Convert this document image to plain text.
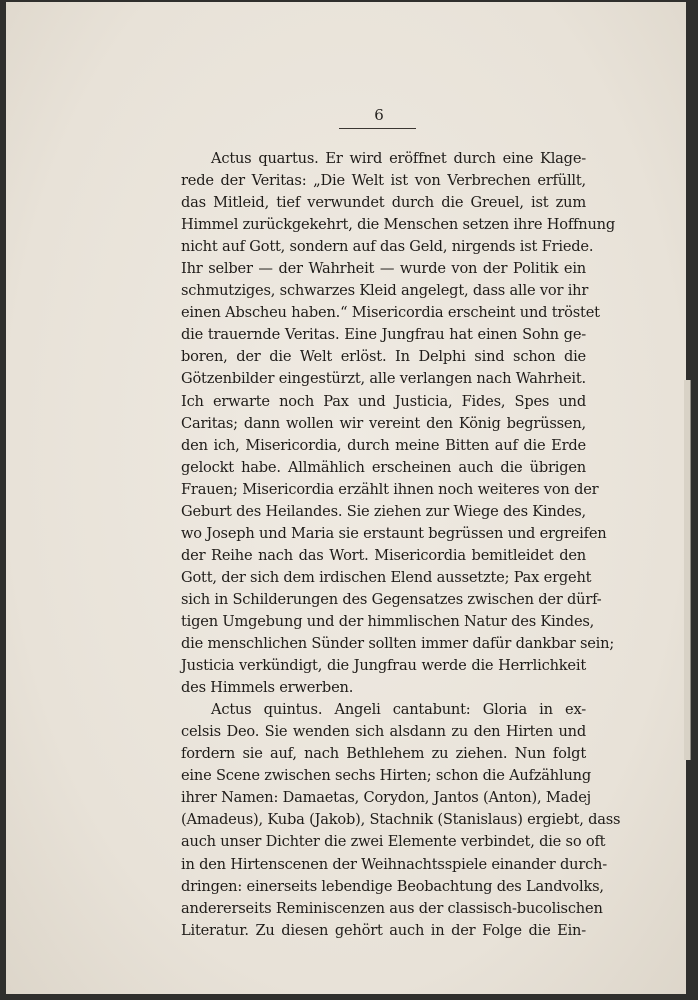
6
Actus quartus. Er wird eröffnet durch eine Klage-
rede der Veritas: „Die Welt ist von Verbrechen erfüllt,
das Mitleid, tief verwundet durch die Greuel, ist zum
Himmel zurückgekehrt, die Menschen setzen ihre Hoffnung
nicht auf Gott, sondern auf das Geld, nirgends ist Friede.
Ihr selber — der Wahrheit — wurde von der Politik ein
schmutziges, schwarzes Kleid angelegt, dass alle vor ihr
einen Abscheu haben.“ Misericordia erscheint und tröstet
die trauernde Veritas. Eine Jungfrau hat einen Sohn ge-
boren, der die Welt erlöst. In Delphi sind schon die
Götzenbilder eingestürzt, alle verlangen nach Wahrheit.
Ich erwarte noch Pax und Justicia, Fides, Spes und
Caritas; dann wollen wir vereint den König begrüssen,
den ich, Misericordia, durch meine Bitten auf die Erde
gelockt habe. Allmählich erscheinen auch die übrigen
Frauen; Misericordia erzählt ihnen noch weiteres von der
Geburt des Heilandes. Sie ziehen zur Wiege des Kindes,
wo Joseph und Maria sie erstaunt begrüssen und ergreifen
der Reihe nach das Wort. Misericordia bemitleidet den
Gott, der sich dem irdischen Elend aussetzte; Pax ergeht
sich in Schilderungen des Gegensatzes zwischen der dürf-
tigen Umgebung und der himmlischen Natur des Kindes,
die menschlichen Sünder sollten immer dafür dankbar sein;
Justicia verkündigt, die Jungfrau werde die Herrlichkeit
des Himmels erwerben.
Actus quintus. Angeli cantabunt: Gloria in ex-
celsis Deo. Sie wenden sich alsdann zu den Hirten und
fordern sie auf, nach Bethlehem zu ziehen. Nun folgt
eine Scene zwischen sechs Hirten; schon die Aufzählung
ihrer Namen: Damaetas, Corydon, Jantos (Anton), Madej
(Amadeus), Kuba (Jakob), Stachnik (Stanislaus) ergiebt, dass
auch unser Dichter die zwei Elemente verbindet, die so oft
in den Hirtenscenen der Weihnachtsspiele einander durch-
dringen: einerseits lebendige Beobachtung des Landvolks,
andererseits Reminiscenzen aus der classisch-bucolischen
Literatur. Zu diesen gehört auch in der Folge die Ein-
